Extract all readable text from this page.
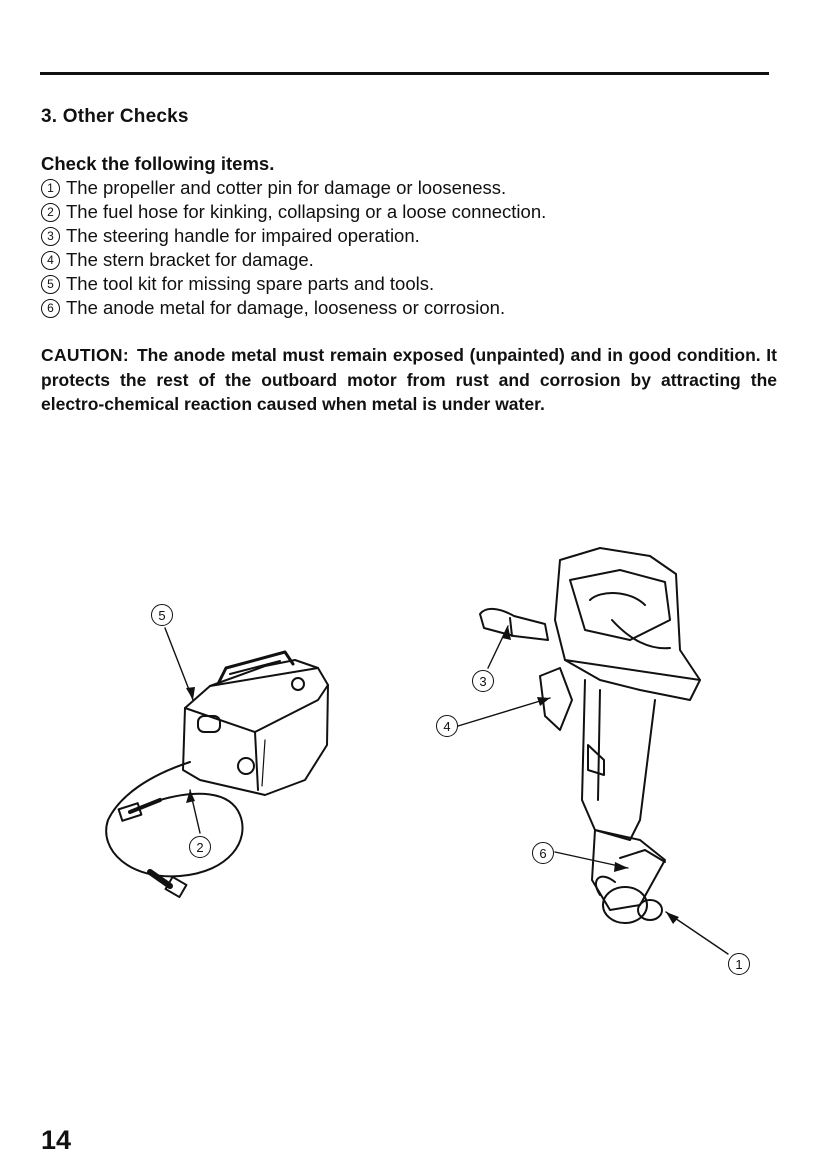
3. Other Checks
Check the following items.
1 The propeller and cotter pin for damage or looseness.
2 The fuel hose for kinking, collapsing or a loose connection.
3 The steering handle for impaired operation.
4 The stern bracket for damage.
5 The tool kit for missing spare parts and tools.
6 The anode metal for damage, looseness or corrosion.

CAUTION: The anode metal must remain exposed (unpainted) and in good condition. It protects the rest of the outboard motor from rust and corrosion by attracting the electro-chemical reaction caused when metal is under water.

5
2
3
4
6
1
14
